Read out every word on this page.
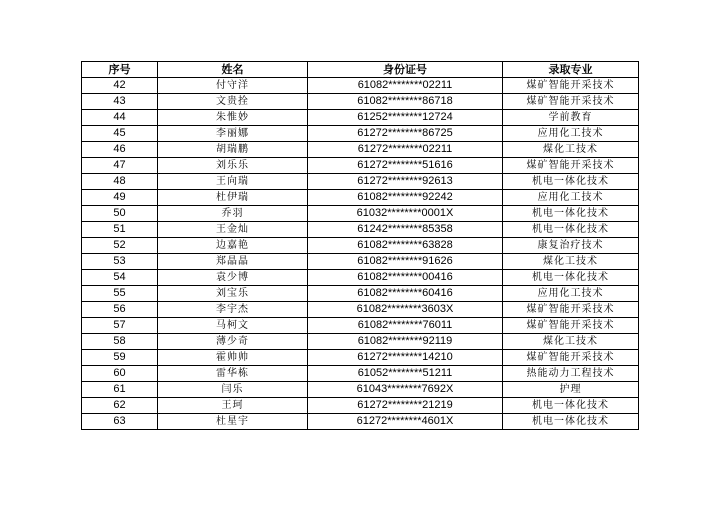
序号	姓名	身份证号	录取专业
42	付守洋	61082********02211	煤矿智能开采技术
43	文贵拴	61082********86718	煤矿智能开采技术
44	朱惟妙	61252********12724	学前教育
45	李丽娜	61272********86725	应用化工技术
46	胡瑞鹏	61272********02211	煤化工技术
47	刘乐乐	61272********51616	煤矿智能开采技术
48	王向瑞	61272********92613	机电一体化技术
49	杜伊瑞	61082********92242	应用化工技术
50	乔羽	61032********0001X	机电一体化技术
51	王金灿	61242********85358	机电一体化技术
52	边嘉艳	61082********63828	康复治疗技术
53	郑晶晶	61082********91626	煤化工技术
54	袁少博	61082********00416	机电一体化技术
55	刘宝乐	61082********60416	应用化工技术
56	李宇杰	61082********3603X	煤矿智能开采技术
57	马柯文	61082********76011	煤矿智能开采技术
58	薄少奇	61082********92119	煤化工技术
59	霍帅帅	61272********14210	煤矿智能开采技术
60	雷华栋	61052********51211	热能动力工程技术
61	闫乐	61043********7692X	护理
62	王珂	61272********21219	机电一体化技术
63	杜星宇	61272********4601X	机电一体化技术
